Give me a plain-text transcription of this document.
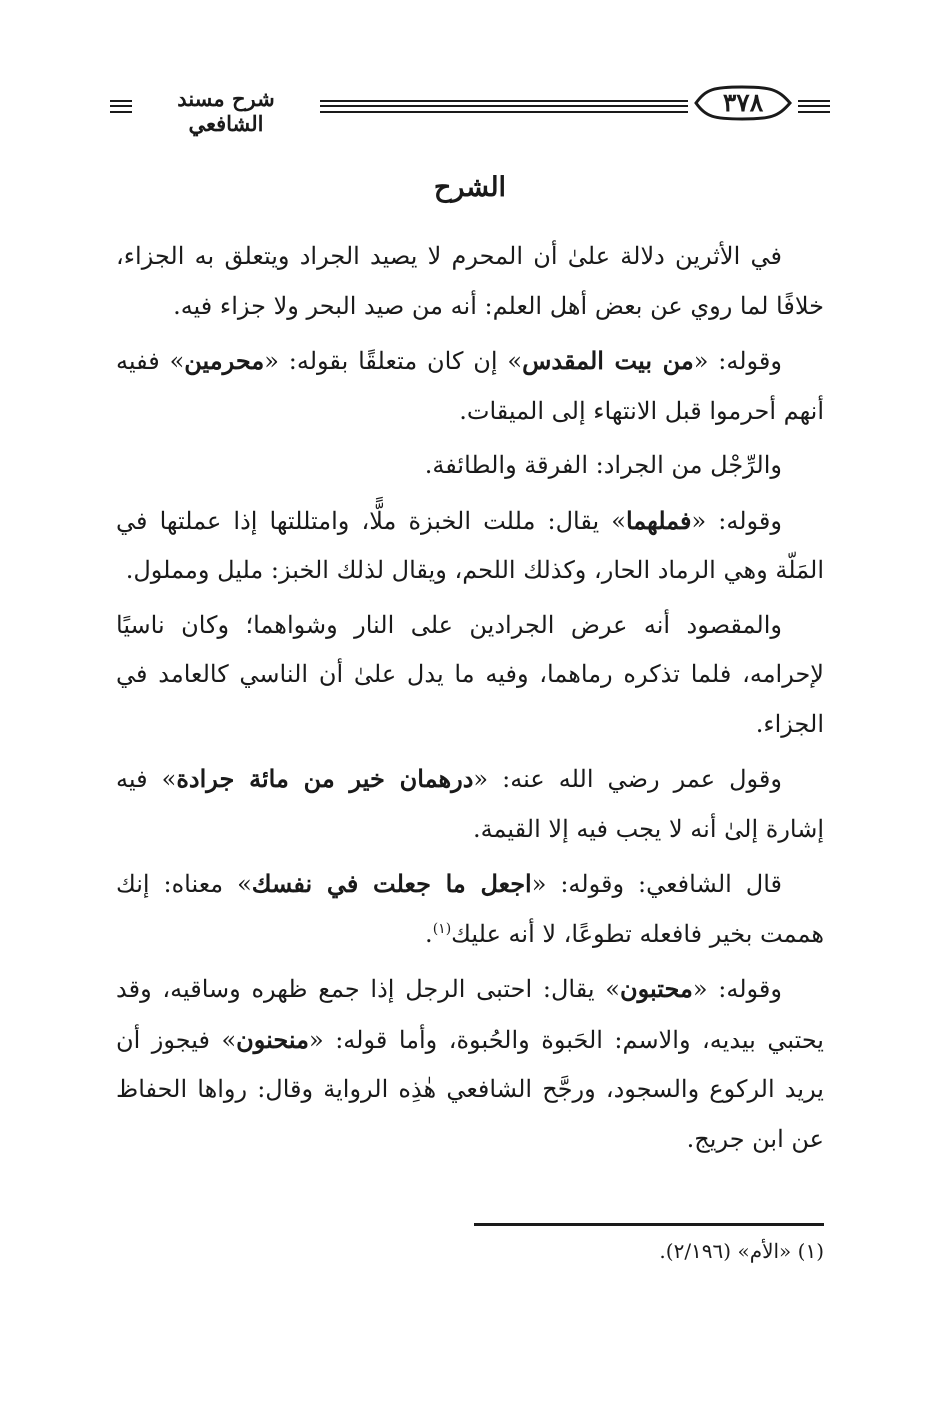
شرح مسند الشافعي
٣٧٨
الشرح

في الأثرين دلالة علىٰ أن المحرم لا يصيد الجراد ويتعلق به الجزاء، خلافًا لما روي عن بعض أهل العلم: أنه من صيد البحر ولا جزاء فيه.

وقوله: «من بيت المقدس» إن كان متعلقًا بقوله: «محرمين» ففيه أنهم أحرموا قبل الانتهاء إلى الميقات.

والرِّجْل من الجراد: الفرقة والطائفة.

وقوله: «فملهما» يقال: مللت الخبزة ملًّا، وامتللتها إذا عملتها في المَلّة وهي الرماد الحار، وكذلك اللحم، ويقال لذلك الخبز: مليل ومملول.

والمقصود أنه عرض الجرادين على النار وشواهما؛ وكان ناسيًا لإحرامه، فلما تذكره رماهما، وفيه ما يدل علىٰ أن الناسي كالعامد في الجزاء.

وقول عمر رضي الله عنه: «درهمان خير من مائة جرادة» فيه إشارة إلىٰ أنه لا يجب فيه إلا القيمة.

قال الشافعي: وقوله: «اجعل ما جعلت في نفسك» معناه: إنك هممت بخير فافعله تطوعًا، لا أنه عليك$^{(١)}$.

وقوله: «محتبون» يقال: احتبى الرجل إذا جمع ظهره وساقيه، وقد يحتبي بيديه، والاسم: الحَبوة والحُبوة، وأما قوله: «منحنون» فيجوز أن يريد الركوع والسجود، ورجَّح الشافعي هٰذِه الرواية وقال: رواها الحفاظ عن ابن جريج.

(١) «الأم» (٢/١٩٦).
